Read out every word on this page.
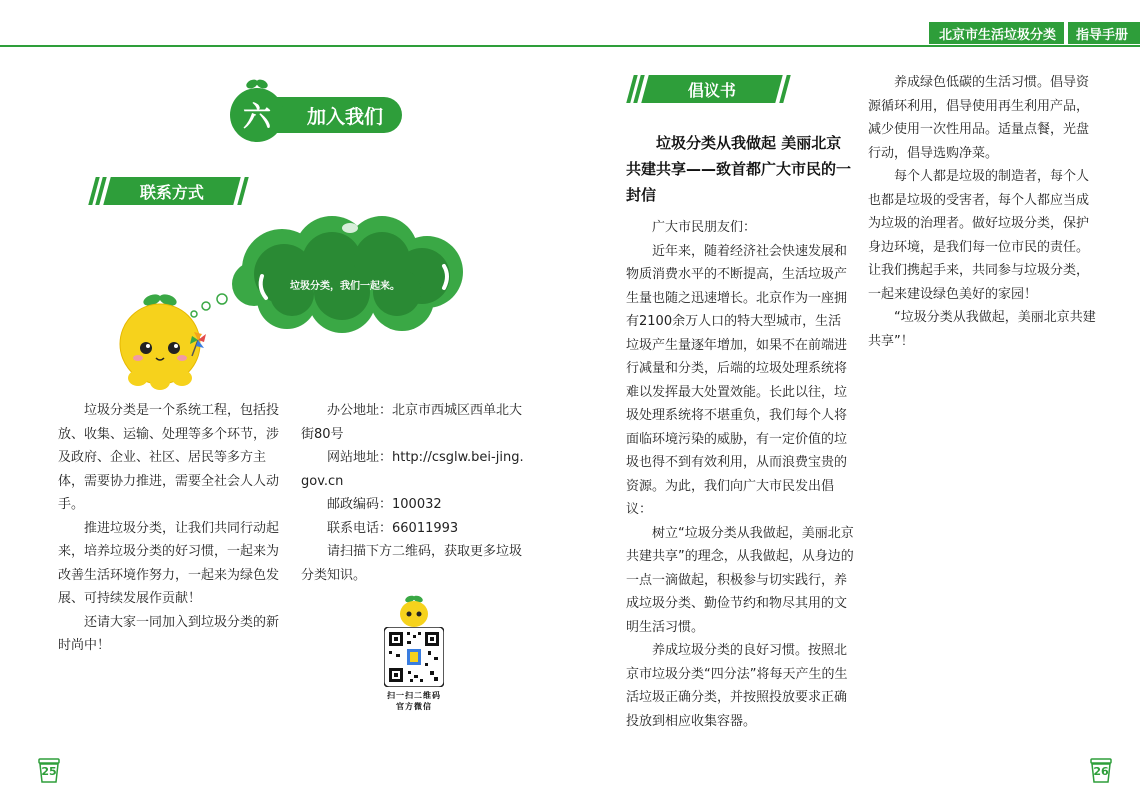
北京市生活垃圾分类	指导手册
加入我们
六
联系方式
垃圾分类，我们一起来。

垃圾分类是一个系统工程，包括投放、收集、运输、处理等多个环节，涉及政府、企业、社区、居民等多方主体，需要协力推进，需要全社会人人动手。

推进垃圾分类，让我们共同行动起来，培养垃圾分类的好习惯，一起来为改善生活环境作努力，一起来为绿色发展、可持续发展作贡献！

还请大家一同加入到垃圾分类的新时尚中！

办公地址：北京市西城区西单北大街80号

网站地址：http://csglw.bei-jing.gov.cn

邮政编码：100032

联系电话：66011993

请扫描下方二维码，获取更多垃圾分类知识。

扫一扫二维码
官方微信
25
倡议书
垃圾分类从我做起 美丽北京共建共享——致首都广大市民的一封信

广大市民朋友们：

近年来，随着经济社会快速发展和物质消费水平的不断提高，生活垃圾产生量也随之迅速增长。北京作为一座拥有2100余万人口的特大型城市，生活垃圾产生量逐年增加，如果不在前端进行减量和分类，后端的垃圾处理系统将难以发挥最大处置效能。长此以往，垃圾处理系统将不堪重负，我们每个人将面临环境污染的威胁，有一定价值的垃圾也得不到有效利用，从而浪费宝贵的资源。为此，我们向广大市民发出倡议：

树立“垃圾分类从我做起，美丽北京共建共享”的理念，从我做起，从身边的一点一滴做起，积极参与切实践行，养成垃圾分类、勤俭节约和物尽其用的文明生活习惯。

养成垃圾分类的良好习惯。按照北京市垃圾分类“四分法”将每天产生的生活垃圾正确分类，并按照投放要求正确投放到相应收集容器。

养成绿色低碳的生活习惯。倡导资源循环利用，倡导使用再生利用产品，减少使用一次性用品。适量点餐，光盘行动，倡导选购净菜。

每个人都是垃圾的制造者，每个人也都是垃圾的受害者，每个人都应当成为垃圾的治理者。做好垃圾分类，保护身边环境，是我们每一位市民的责任。让我们携起手来，共同参与垃圾分类，一起来建设绿色美好的家园！

“垃圾分类从我做起，美丽北京共建共享”！

26
